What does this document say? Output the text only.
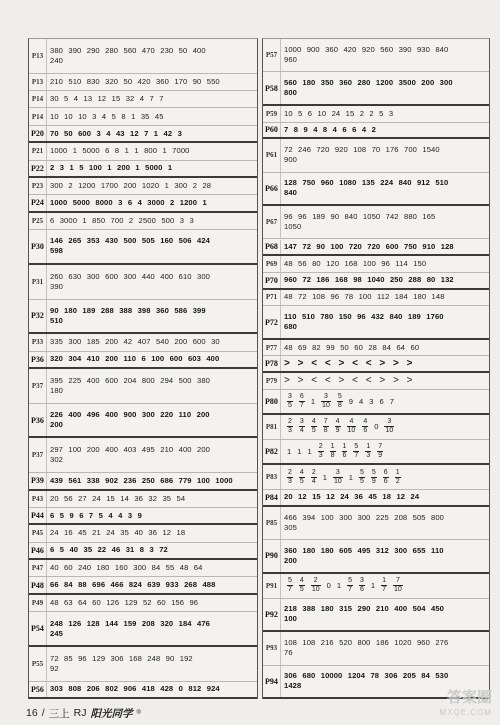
P13
380 390 290 280 560 470 230 50 400
240
P13 210 510 830 320 50 420 360 170 90 550
P14 30 5 4 13 12 15 32 4 7 7
P14 10 10 10 3 4 5 8 1 35 45
P20 70 50 600 3 4 43 12 7 1 42 3
P21 1000 1 5000 6 8 1 1 800 1 7000
P22 2 3 1 5 100 1 200 1 5000 1
P23 300 2 1200 1700 200 1020 1 300 2 28
P24 1000 5000 8000 3 6 4 3000 2 1200 1
P25 6 3000 1 850 700 2 2500 500 3 3
P30
146 265 353 430 500 505 160 506 424
598
P31
260 630 300 600 300 440 400 610 300
390
P32
90 180 189 288 388 398 360 586 399
510
P33 335 300 185 200 42 407 540 200 600 30
P36 320 304 410 200 110 6 100 600 603 400
P37
395 225 400 600 204 800 294 500 380
180
P36
226 400 496 400 900 300 220 110 200
200
P37
297 100 200 400 403 495 210 400 200
302
P39 439 561 338 902 236 250 686 779 100 1000
P43 20 56 27 24 15 14 36 32 35 54
P44 6 5 9 6 7 5 4 4 3 9
P45 24 16 45 21 24 35 40 36 12 18
P46 6 5 40 35 22 46 31 8 3 72
P47 40 60 240 180 160 300 84 55 48 64
P48 66 84 88 696 466 824 639 933 268 488
P49 48 63 64 60 126 129 52 60 156 96
P54
248 126 128 144 159 208 320 184 476
245
P55
72 85 96 129 306 168 248 90 192
92
P56 303 808 206 802 906 418 428 0 812 924
P57
1000 900 360 420 920 560 390 930 840
960
P58
560 180 350 360 280 1200 3500 200 300
800
P59 10 5 6 10 24 15 2 2 5 3
P60 7 8 9 4 8 4 6 6 4 2
P61
72 246 720 920 108 70 176 700 1540
900
P66
128 750 960 1080 135 224 840 912 510
840
P67
96 96 189 90 840 1050 742 880 165
1050
P68 147 72 90 100 720 720 600 750 910 128
P69 48 56 80 120 168 100 96 114 150
P70 960 72 186 168 98 1040 250 288 80 132
P71 48 72 108 96 78 100 112 184 180 148
P72
110 510 780 150 96 432 840 189 1760
680
P77 48 69 82 99 50 60 28 84 64 60
P78 > > < < > < < > > >
P79 > > < < > < < > > >
P80	$\frac{3}{5} \frac{6}{7} 1 \frac{3}{10} \frac{5}{8} 9$ 4 3 6 7
P81	$\frac{2}{3} \frac{3}{4} \frac{4}{5} \frac{7}{8} \frac{4}{9} \frac{4}{10} \frac{4}{6} 0 \frac{3}{10}$
P82	1 1 $1 \frac{2}{3} \frac{1}{8} \frac{1}{6} \frac{5}{7} \frac{1}{3} \frac{7}{9}$
P83	$\frac{2}{3} \frac{4}{5} \frac{2}{4} 1 \frac{3}{10} 1 \frac{5}{5} \frac{5}{9} \frac{6}{6} \frac{1}{2}$
P84 20 12 15 12 24 36 45 18 12 24
P85
466 394 100 300 300 225 208 505 800
305
P90
360 180 180 605 495 312 300 655 110
200
P91	$\frac{5}{7} \frac{4}{5} \frac{2}{10} 0$ $1 \frac{5}{7} \frac{3}{6} 1 \frac{1}{7} \frac{7}{10}$
P92
218 388 180 315 290 210 400 504 450
100
P93
108 108 216 520 800 186 1020 960 276
76
P94
306 680 10000 1204 78 306 205 84 530
1428
16 / 三上 RJ 阳光同学 ®
答案圈
MXQE.COM
